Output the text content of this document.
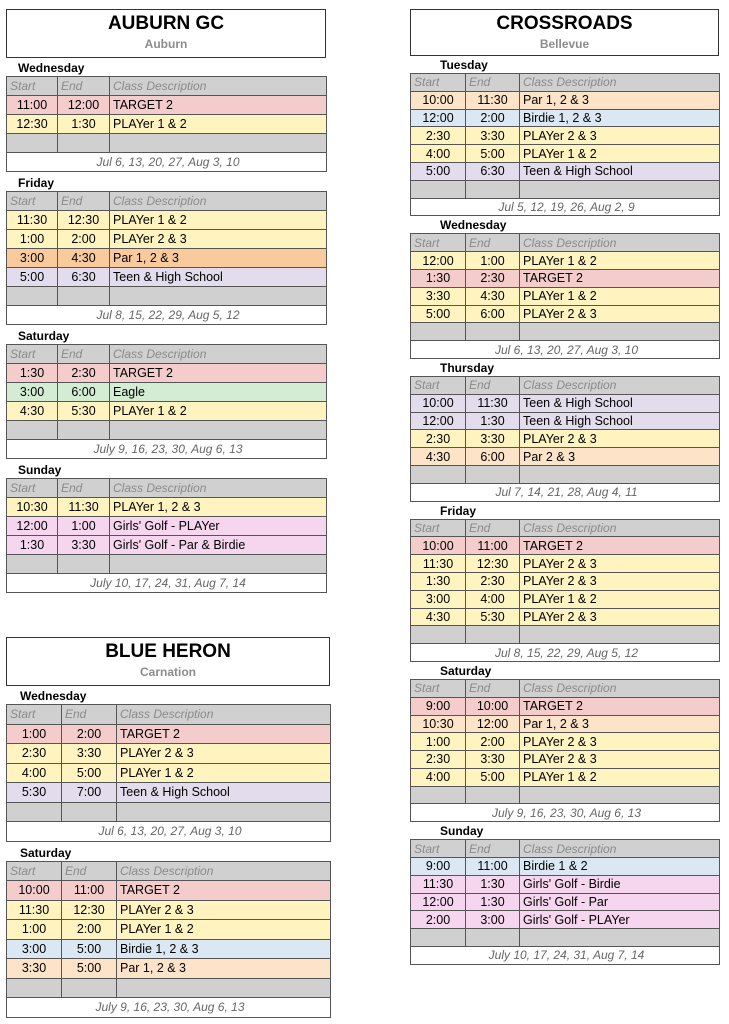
AUBURN GC
Auburn
Wednesday
Start	End	Class Description
11:00	12:00	TARGET 2
12:30	1:30	PLAYer 1 & 2

Jul 6, 13, 20, 27, Aug 3, 10		
Friday
Start	End	Class Description
11:30	12:30	PLAYer 1 & 2
1:00	2:00	PLAYer 2 & 3
3:00	4:30	Par 1, 2 & 3
5:00	6:30	Teen & High School

Jul 8, 15, 22, 29, Aug 5, 12		
Saturday
Start	End	Class Description
1:30	2:30	TARGET 2
3:00	6:00	Eagle
4:30	5:30	PLAYer 1 & 2

July 9, 16, 23, 30, Aug 6, 13		
Sunday
Start	End	Class Description
10:30	11:30	PLAYer 1, 2 & 3
12:00	1:00	Girls' Golf - PLAYer
1:30	3:30	Girls' Golf - Par & Birdie

July 10, 17, 24, 31, Aug 7, 14		
BLUE HERON
Carnation
Wednesday
Start	End	Class Description
1:00	2:00	TARGET 2
2:30	3:30	PLAYer 2 & 3
4:00	5:00	PLAYer 1 & 2
5:30	7:00	Teen & High School

Jul 6, 13, 20, 27, Aug 3, 10		
Saturday
Start	End	Class Description
10:00	11:00	TARGET 2
11:30	12:30	PLAYer 2 & 3
1:00	2:00	PLAYer 1 & 2
3:00	5:00	Birdie 1, 2 & 3
3:30	5:00	Par 1, 2 & 3

July 9, 16, 23, 30, Aug 6, 13		
CROSSROADS
Bellevue
Tuesday
Start	End	Class Description
10:00	11:30	Par 1, 2 & 3
12:00	2:00	Birdie 1, 2 & 3
2:30	3:30	PLAYer 2 & 3
4:00	5:00	PLAYer 1 & 2
5:00	6:30	Teen & High School

Jul 5, 12, 19, 26, Aug 2, 9		
Wednesday
Start	End	Class Description
12:00	1:00	PLAYer 1 & 2
1:30	2:30	TARGET 2
3:30	4:30	PLAYer 1 & 2
5:00	6:00	PLAYer 2 & 3

Jul 6, 13, 20, 27, Aug 3, 10		
Thursday
Start	End	Class Description
10:00	11:30	Teen & High School
12:00	1:30	Teen & High School
2:30	3:30	PLAYer 2 & 3
4:30	6:00	Par 2 & 3

Jul 7, 14, 21, 28, Aug 4, 11		
Friday
Start	End	Class Description
10:00	11:00	TARGET 2
11:30	12:30	PLAYer 2 & 3
1:30	2:30	PLAYer 2 & 3
3:00	4:00	PLAYer 1 & 2
4:30	5:30	PLAYer 2 & 3

Jul 8, 15, 22, 29, Aug 5, 12		
Saturday
Start	End	Class Description
9:00	10:00	TARGET 2
10:30	12:00	Par 1, 2 & 3
1:00	2:00	PLAYer 2 & 3
2:30	3:30	PLAYer 2 & 3
4:00	5:00	PLAYer 1 & 2

July 9, 16, 23, 30, Aug 6, 13		
Sunday
Start	End	Class Description
9:00	11:00	Birdie 1 & 2
11:30	1:30	Girls' Golf - Birdie
12:00	1:30	Girls' Golf - Par
2:00	3:00	Girls' Golf - PLAYer

July 10, 17, 24, 31, Aug 7, 14		
